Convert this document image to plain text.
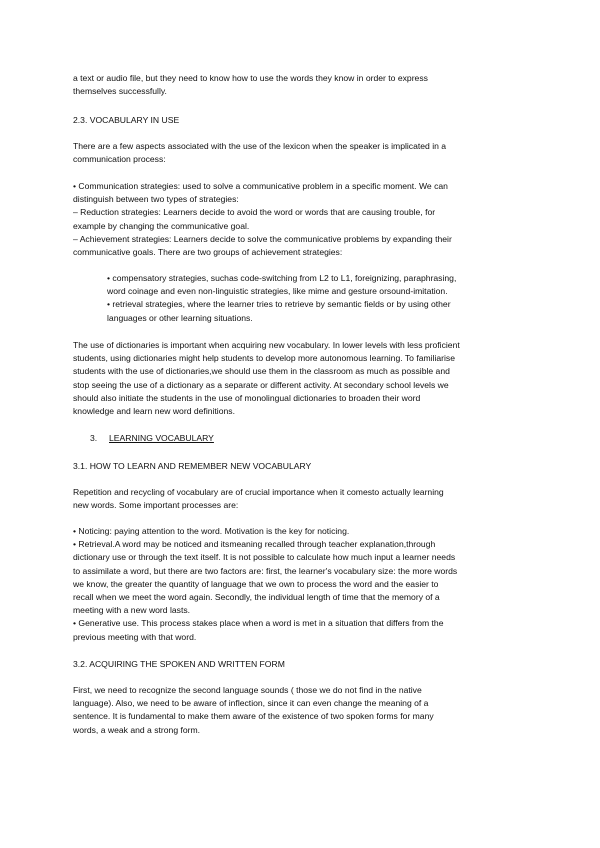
a text or audio file, but they need to know how to use the words they know in order to express
themselves successfully.

2.3. VOCABULARY IN USE

There are a few aspects associated with the use of the lexicon when the speaker is implicated in a
communication process:

• Communication strategies: used to solve a communicative problem in a specific moment. We can
distinguish between two types of strategies:
– Reduction strategies: Learners decide to avoid the word or words that are causing trouble, for
example by changing the communicative goal.
– Achievement strategies: Learners decide to solve the communicative problems by expanding their
communicative goals. There are two groups of achievement strategies:

• compensatory strategies, suchas code-switching from L2 to L1, foreignizing, paraphrasing,
word coinage and even non-linguistic strategies, like mime and gesture orsound-imitation.
• retrieval strategies, where the learner tries to retrieve by semantic fields or by using other
languages or other learning situations.

The use of dictionaries is important when acquiring new vocabulary. In lower levels with less proficient
students, using dictionaries might help students to develop more autonomous learning. To familiarise
students with the use of dictionaries,we should use them in the classroom as much as possible and
stop seeing the use of a dictionary as a separate or different activity. At secondary school levels we
should also initiate the students in the use of monolingual dictionaries to broaden their word
knowledge and learn new word definitions.

3. LEARNING VOCABULARY

3.1. HOW TO LEARN AND REMEMBER NEW VOCABULARY

Repetition and recycling of vocabulary are of crucial importance when it comesto actually learning
new words. Some important processes are:

• Noticing: paying attention to the word. Motivation is the key for noticing.
• Retrieval.A word may be noticed and itsmeaning recalled through teacher explanation,through
dictionary use or through the text itself. It is not possible to calculate how much input a learner needs
to assimilate a word, but there are two factors are: first, the learner's vocabulary size: the more words
we know, the greater the quantity of language that we own to process the word and the easier to
recall when we meet the word again. Secondly, the individual length of time that the memory of a
meeting with a new word lasts.
• Generative use. This process stakes place when a word is met in a situation that differs from the
previous meeting with that word.

3.2. ACQUIRING THE SPOKEN AND WRITTEN FORM

First, we need to recognize the second language sounds ( those we do not find in the native
language). Also, we need to be aware of inflection, since it can even change the meaning of a
sentence. It is fundamental to make them aware of the existence of two spoken forms for many
words, a weak and a strong form.
